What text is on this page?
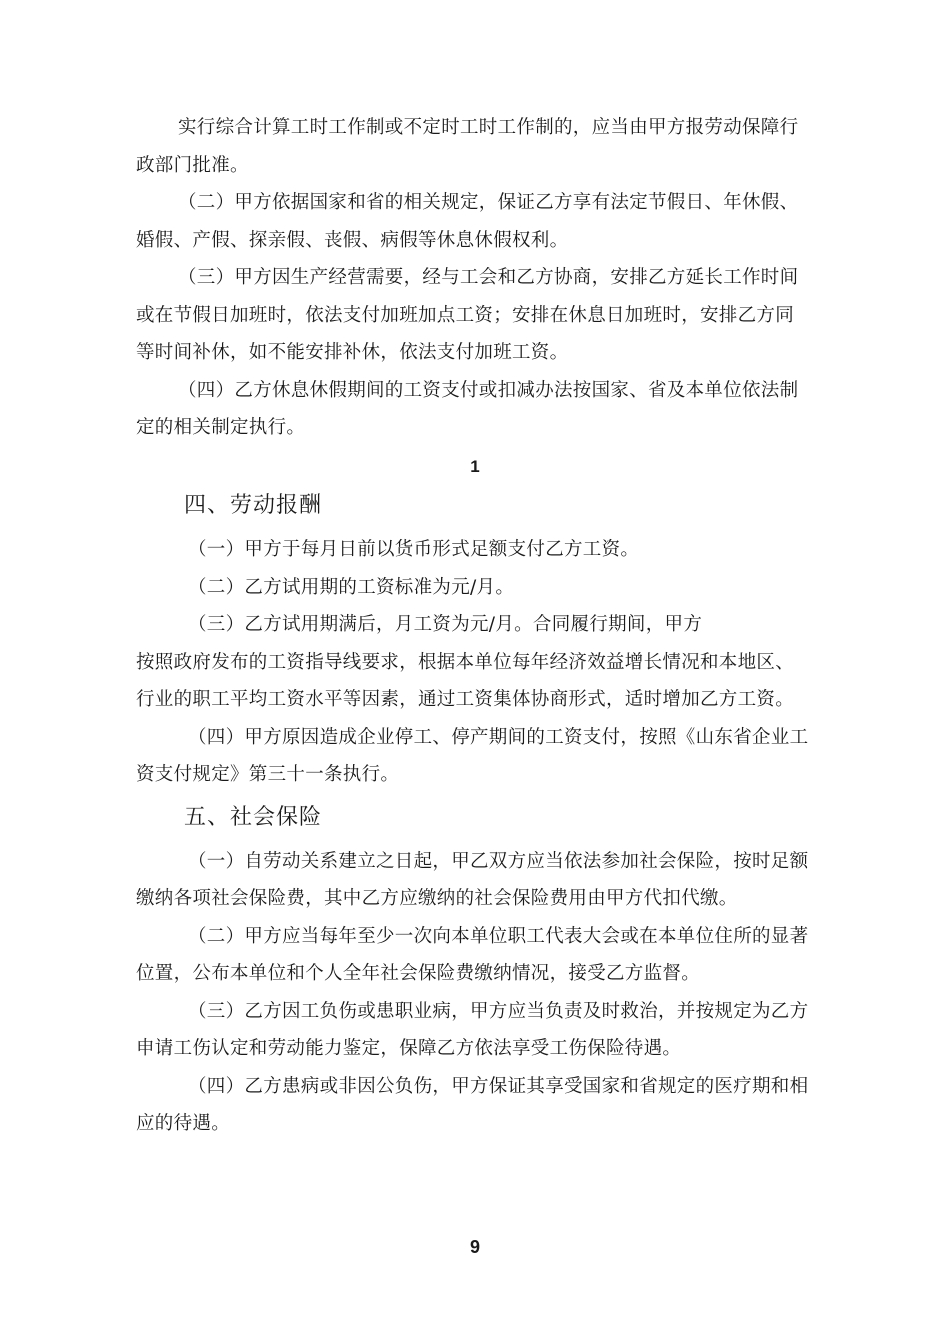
实行综合计算工时工作制或不定时工时工作制的，应当由甲方报劳动保障行
政部门批准。
（二）甲方依据国家和省的相关规定，保证乙方享有法定节假日、年休假、
婚假、产假、探亲假、丧假、病假等休息休假权利。
（三）甲方因生产经营需要，经与工会和乙方协商，安排乙方延长工作时间
或在节假日加班时，依法支付加班加点工资；安排在休息日加班时，安排乙方同
等时间补休，如不能安排补休，依法支付加班工资。
（四）乙方休息休假期间的工资支付或扣减办法按国家、省及本单位依法制
定的相关制定执行。
1
四、劳动报酬
（一）甲方于每月日前以货币形式足额支付乙方工资。
（二）乙方试用期的工资标准为元/月。
（三）乙方试用期满后，月工资为元/月。合同履行期间，甲方
按照政府发布的工资指导线要求，根据本单位每年经济效益增长情况和本地区、
行业的职工平均工资水平等因素，通过工资集体协商形式，适时增加乙方工资。
（四）甲方原因造成企业停工、停产期间的工资支付，按照《山东省企业工
资支付规定》第三十一条执行。
五、社会保险
（一）自劳动关系建立之日起，甲乙双方应当依法参加社会保险，按时足额
缴纳各项社会保险费，其中乙方应缴纳的社会保险费用由甲方代扣代缴。
（二）甲方应当每年至少一次向本单位职工代表大会或在本单位住所的显著
位置，公布本单位和个人全年社会保险费缴纳情况，接受乙方监督。
（三）乙方因工负伤或患职业病，甲方应当负责及时救治，并按规定为乙方
申请工伤认定和劳动能力鉴定，保障乙方依法享受工伤保险待遇。
（四）乙方患病或非因公负伤，甲方保证其享受国家和省规定的医疗期和相
应的待遇。
9
